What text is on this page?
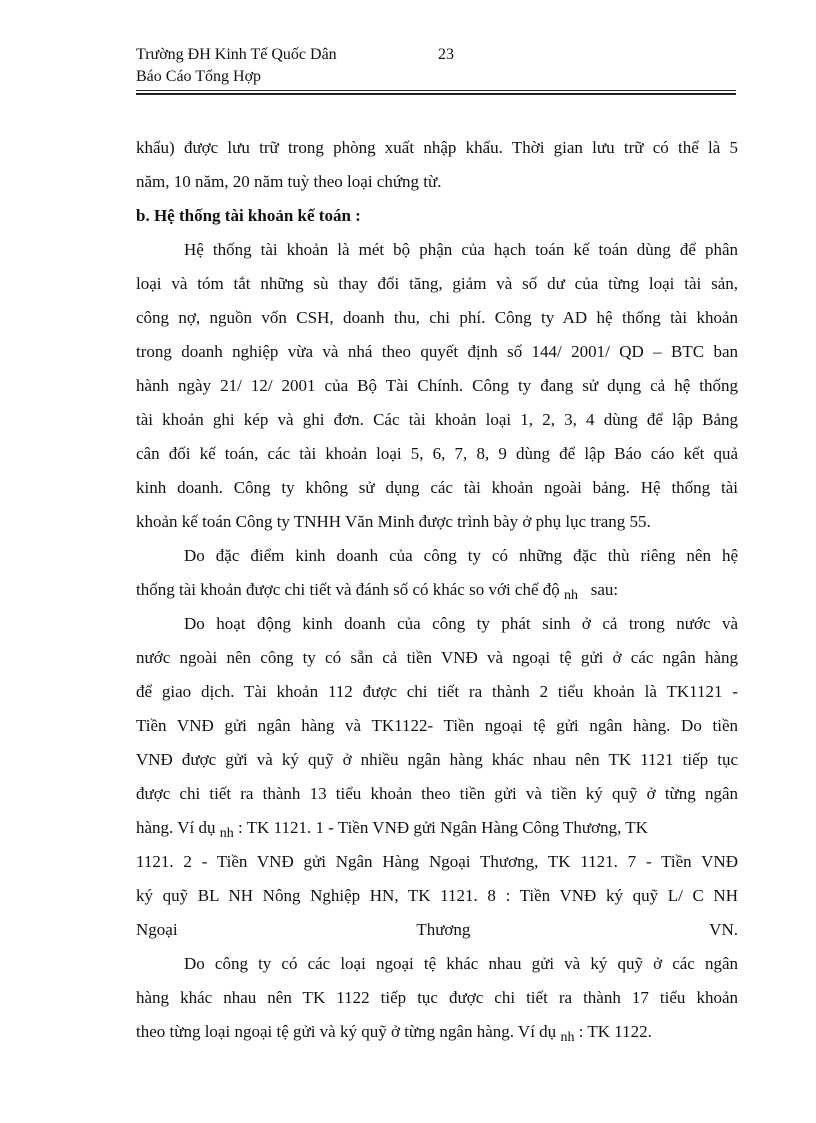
Trường ĐH Kinh Tế Quốc Dân	23
Báo Cáo Tổng Hợp
khẩu) được lưu trữ trong phòng xuất nhập khẩu. Thời gian lưu trữ có thể là 5
năm, 10 năm, 20 năm tuỳ theo loại chứng từ.
b. Hệ thống tài khoản kế toán :
Hệ thống tài khoản là mét bộ phận của hạch toán kế toán dùng để phân
loại và tóm tắt những sù thay đổi tăng, giảm và số dư của từng loại tài sản,
công nợ, nguồn vốn CSH, doanh thu, chi phí. Công ty AD hệ thống tài khoản
trong doanh nghiệp vừa và nhá theo quyết định số 144/ 2001/ QD – BTC ban
hành ngày 21/ 12/ 2001 của Bộ Tài Chính. Công ty đang sử dụng cả hệ thống
tài khoản ghi kép và ghi đơn. Các tài khoản loại 1, 2, 3, 4 dùng để lập Bảng
cân đối kế toán, các tài khoản loại 5, 6, 7, 8, 9 dùng để lập Báo cáo kết quả
kinh doanh. Công ty không sử dụng các tài khoản ngoài bảng. Hệ thống tài
khoản kế toán Công ty TNHH Văn Minh được trình bày ở phụ lục trang 55.
Do đặc điểm kinh doanh của công ty có những đặc thù riêng nên hệ
thống tài khoản được chi tiết và đánh số có khác so với chế độ $_{nh}$ sau:
Do hoạt động kinh doanh của công ty phát sinh ở cả trong nước và
nước ngoài nên công ty có sẵn cả tiền VNĐ và ngoại tệ gửi ở các ngân hàng
để giao dịch. Tài khoản 112 được chi tiết ra thành 2 tiểu khoản là TK1121 -
Tiền VNĐ gửi ngân hàng và TK1122- Tiền ngoại tệ gửi ngân hàng. Do tiền
VNĐ được gửi và ký quỹ ở nhiều ngân hàng khác nhau nên TK 1121 tiếp tục
được chi tiết ra thành 13 tiểu khoản theo tiền gửi và tiền ký quỹ ở từng ngân
hàng. Ví dụ $_{nh}$ : TK 1121. 1 - Tiền VNĐ gửi Ngân Hàng Công Thương, TK
1121. 2 - Tiền VNĐ gửi Ngân Hàng Ngoại Thương, TK 1121. 7 - Tiền VNĐ
ký quỹ BL NH Nông Nghiệp HN, TK 1121. 8 : Tiền VNĐ ký quỹ L/ C NH
Ngoại	Thương	VN.
Do công ty có các loại ngoại tệ khác nhau gửi và ký quỹ ở các ngân
hàng khác nhau nên TK 1122 tiếp tục được chi tiết ra thành 17 tiểu khoản
theo từng loại ngoại tệ gửi và ký quỹ ở từng ngân hàng. Ví dụ $_{nh}$ : TK 1122.
